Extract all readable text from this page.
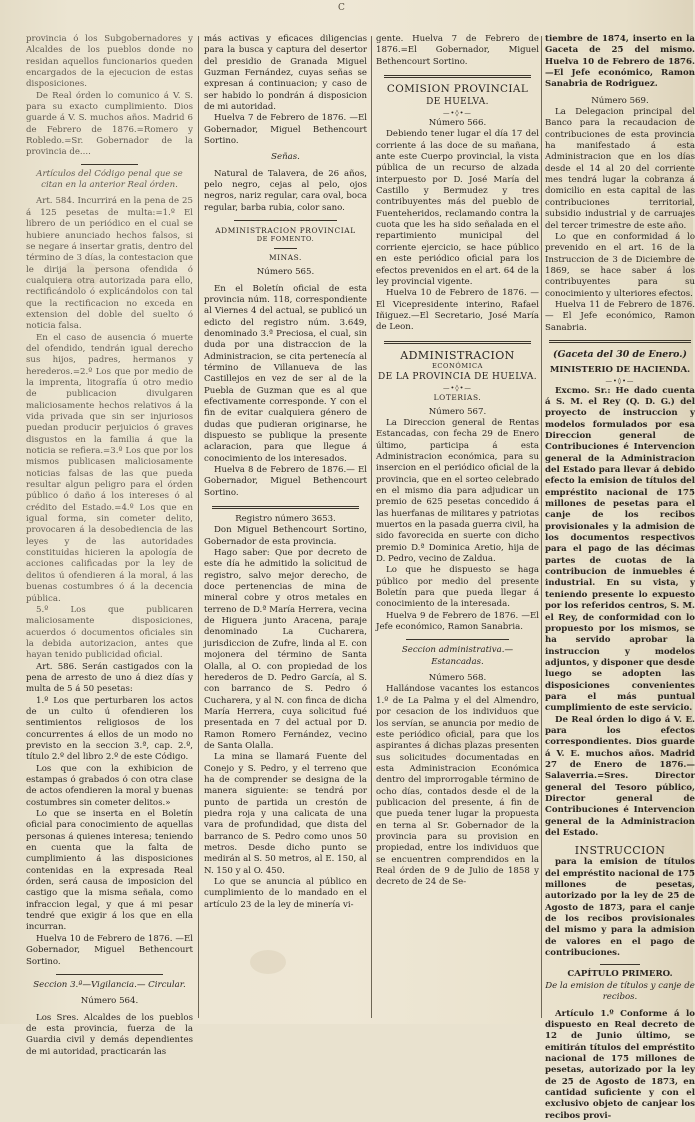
C

provincia ó los Subgobernadores y Alcaldes de los pueblos donde no residan aquellos funcionarios queden encargados de la ejecucion de estas disposiciones.

De Real órden lo comunico á V. S. para su exacto cumplimiento. Dios guarde á V. S. muchos años. Madrid 6 de Febrero de 1876.=Romero y Robledo.=Sr. Gobernador de la provincia de....

Artículos del Código penal que se citan en la anterior Real órden.

Art. 584. Incurrirá en la pena de 25 á 125 pesetas de multa:=1.º El librero de un periódico en el cual se hubiere anunciado hechos falsos, si se negare á insertar gratis, dentro del término de 3 días, la contestacion que le dirija la persona ofendida ó cualquiera otra autorizada para ello, rectificándolo ó explicándolos con tal que la rectificacion no exceda en extension del doble del suelto ó noticia falsa.

En el caso de ausencia ó muerte del ofendido, tendrán igual derecho sus hijos, padres, hermanos y herederos.=2.º Los que por medio de la imprenta, litografía ú otro medio de publicacion divulgaren maliciosamente hechos relativos á la vida privada que sin ser injuriosos puedan producir perjuicios ó graves disgustos en la familia á que la noticia se refiera.=3.º Los que por los mismos publicasen maliciosamente noticias falsas de las que pueda resultar algun peligro para el órden público ó daño á los intereses ó al crédito del Estado.=4.º Los que en igual forma, sin cometer delito, provocaren á la desobediencia de las leyes y de las autoridades constituidas hicieren la apología de acciones calificadas por la ley de delitos ú ofendieren á la moral, á las buenas costumbres ó á la decencia pública.

5.º Los que publicaren maliciosamente disposiciones, acuerdos ó documentos oficiales sin la debida autorizacion, antes que hayan tenido publicidad oficial.

Art. 586. Serán castigados con la pena de arresto de uno á diez días y multa de 5 á 50 pesetas:

1.º Los que perturbaren los actos de un culto ú ofendieren los sentimientos religiosos de los concurrentes á ellos de un modo no previsto en la seccion 3.ª, cap. 2.º, título 2.º del libro 2.º de este Código.

Los que con la exhibicion de estampas ó grabados ó con otra clase de actos ofendieren la moral y buenas costumbres sin cometer delitos.»

Lo que se inserta en el Boletín oficial para conocimiento de aquellas personas á quienes interesa; teniendo en cuenta que la falta de cumplimiento á las disposiciones contenidas en la expresada Real órden, será causa de imposicion del castigo que la misma señala, como infraccion legal, y que á mi pesar tendré que exigir á los que en ella incurran.

Huelva 10 de Febrero de 1876. —El Gobernador, Miguel Bethencourt Sortino.

Seccion 3.ª—Vigilancia.— Circular.

Número 564.

Los Sres. Alcaldes de los pueblos de esta provincia, fuerza de la Guardia civil y demás dependientes de mi autoridad, practicarán las

más activas y eficaces diligencias para la busca y captura del desertor del presidio de Granada Miguel Guzman Fernández, cuyas señas se expresan á continuacion; y caso de ser habido lo pondrán á disposicion de mi autoridad.

Huelva 7 de Febrero de 1876. —El Gobernador, Miguel Bethencourt Sortino.

Señas.

Natural de Talavera, de 26 años, pelo negro, cejas al pelo, ojos negros, nariz regular, cara oval, boca regular, barba rubia, color sano.

ADMINISTRACION PROVINCIAL

DE FOMENTO.

MINAS.

Número 565.

En el Boletín oficial de esta provincia núm. 118, correspondiente al Viernes 4 del actual, se publicó un edicto del registro núm. 3.649, denominado 3.ª Preciosa, el cual, sin duda por una distraccion de la Administracion, se cita pertenecía al término de Villanueva de las Castillejos en vez de ser al de la Puebla de Guzman que es al que efectivamente corresponde. Y con el fin de evitar cualquiera género de dudas que pudieran originarse, he dispuesto se publique la presente aclaracion, para que llegue á conocimiento de los interesados.

Huelva 8 de Febrero de 1876.— El Gobernador, Miguel Bethencourt Sortino.

Registro número 3653.

Don Miguel Bethencourt Sortino, Gobernador de esta provincia.

Hago saber: Que por decreto de este día he admitido la solicitud de registro, salvo mejor derecho, de doce pertenencias de mina de mineral cobre y otros metales en terreno de D.ª María Herrera, vecina de Higuera junto Aracena, paraje denominado La Cucharera, jurisdiccion de Zufre, linda al E. con mojonera del término de Santa Olalla, al O. con propiedad de los herederos de D. Pedro García, al S. con barranco de S. Pedro ó Cucharera, y al N. con finca de dicha María Herrera, cuya solicitud fué presentada en 7 del actual por D. Ramon Romero Fernández, vecino de Santa Olalla.

La mina se llamará Fuente del Conejo y S. Pedro, y el terreno que ha de comprender se designa de la manera siguiente: se tendrá por punto de partida un crestón de piedra roja y una calicata de una vara de profundidad, que dista del barranco de S. Pedro como unos 50 metros. Desde dicho punto se medirán al S. 50 metros, al E. 150, al N. 150 y al O. 450.

Lo que se anuncia al público en cumplimiento de lo mandado en el artículo 23 de la ley de minería vi-

gente. Huelva 7 de Febrero de 1876.=El Gobernador, Miguel Bethencourt Sortino.

COMISION PROVINCIAL

DE HUELVA.

—•◊•—

Número 566.

Debiendo tener lugar el día 17 del corriente á las doce de su mañana, ante este Cuerpo provincial, la vista pública de un recurso de alzada interpuesto por D. José María del Castillo y Bermudez y tres contribuyentes más del pueblo de Fuenteheridos, reclamando contra la cuota que les ha sido señalada en el repartimiento municipal del corriente ejercicio, se hace público en este periódico oficial para los efectos prevenidos en el art. 64 de la ley provincial vigente.

Huelva 10 de Febrero de 1876. —El Vicepresidente interino, Rafael Iñiguez.—El Secretario, José María de Leon.

ADMINISTRACION

ECONÓMICA

DE LA PROVINCIA DE HUELVA.

—•◊•—

LOTERIAS.

Número 567.

La Direccion general de Rentas Estancadas, con fecha 29 de Enero último, participa á esta Administracion económica, para su insercion en el periódico oficial de la provincia, que en el sorteo celebrado en el mismo dia para adjudicar un premio de 625 pesetas concedido á las huerfanas de militares y patriotas muertos en la pasada guerra civil, ha sido favorecida en suerte con dicho premio D.ª Dominica Aretio, hija de D. Pedro, vecino de Zaldua.

Lo que he dispuesto se haga público por medio del presente Boletín para que pueda llegar á conocimiento de la interesada.

Huelva 9 de Febrero de 1876. —El Jefe económico, Ramon Sanabria.

Seccion administrativa.—Estancadas.

Número 568.

Hallándose vacantes los estancos 1.º de La Palma y el del Almendro, por cesacion de los individuos que los servían, se anuncia por medio de este periódico oficial, para que los aspirantes á dichas plazas presenten sus solicitudes documentadas en esta Administracion Económica dentro del improrrogable término de ocho días, contados desde el de la publicacion del presente, á fin de que pueda tener lugar la propuesta en terna al Sr. Gobernador de la provincia para su provision en propiedad, entre los individuos que se encuentren comprendidos en la Real órden de 9 de Julio de 1858 y decreto de 24 de Se-

tiembre de 1874, inserto en la Gaceta de 25 del mismo. Huelva 10 de Febrero de 1876.—El Jefe económico, Ramon Sanabria de Rodriguez.

Número 569.

La Delegacion principal del Banco para la recaudacion de contribuciones de esta provincia ha manifestado á esta Administracion que en los días desde el 14 al 20 del corriente mes tendrá lugar la cobranza á domicilio en esta capital de las contribuciones territorial, subsidio industrial y de carruajes del tercer trimestre de este año.

Lo que en conformidad á lo prevenido en el art. 16 de la Instruccion de 3 de Diciembre de 1869, se hace saber á los contribuyentes para su conocimiento y ulteriores efectos.

Huelva 11 de Febrero de 1876.— El Jefe económico, Ramon Sanabria.

(Gaceta del 30 de Enero.)

MINISTERIO DE HACIENDA.

—•◊•—

Excmo. Sr.: He dado cuenta á S. M. el Rey (Q. D. G.) del proyecto de instruccion y modelos formulados por esa Direccion general de Contribuciones é Intervencion general de la Administracion del Estado para llevar á debido efecto la emision de títulos del empréstito nacional de 175 millones de pesetas para el canje de los recibos provisionales y la admision de los documentos respectivos para el pago de las décimas partes de cuotas de la contribucion de inmuebles é industrial. En su vista, y teniendo presente lo expuesto por los referidos centros, S. M. el Rey, de conformidad con lo propuesto por los mismos, se ha servido aprobar la instruccion y modelos adjuntos, y disponer que desde luego se adopten las disposiciones convenientes para el más puntual cumplimiento de este servicio.

De Real órden lo digo á V. E. para los efectos correspondientes. Dios guarde á V. E. muchos años. Madrid 27 de Enero de 1876.— Salaverria.=Sres. Director general del Tesoro público, Director general de Contribuciones é Intervencion general de la Administracion del Estado.

INSTRUCCION

para la emision de títulos del empréstito nacional de 175 millones de pesetas, autorizado por la ley de 25 de Agosto de 1873, para el canje de los recibos provisionales del mismo y para la admision de valores en el pago de contribuciones.

CAPÍTULO PRIMERO.

De la emision de títulos y canje de recibos.

Artículo 1.º Conforme á lo dispuesto en Real decreto de 12 de Junio último, se emitirán títulos del empréstito nacional de 175 millones de pesetas, autorizado por la ley de 25 de Agosto de 1873, en cantidad suficiente y con el exclusivo objeto de canjear los recibos provi-
